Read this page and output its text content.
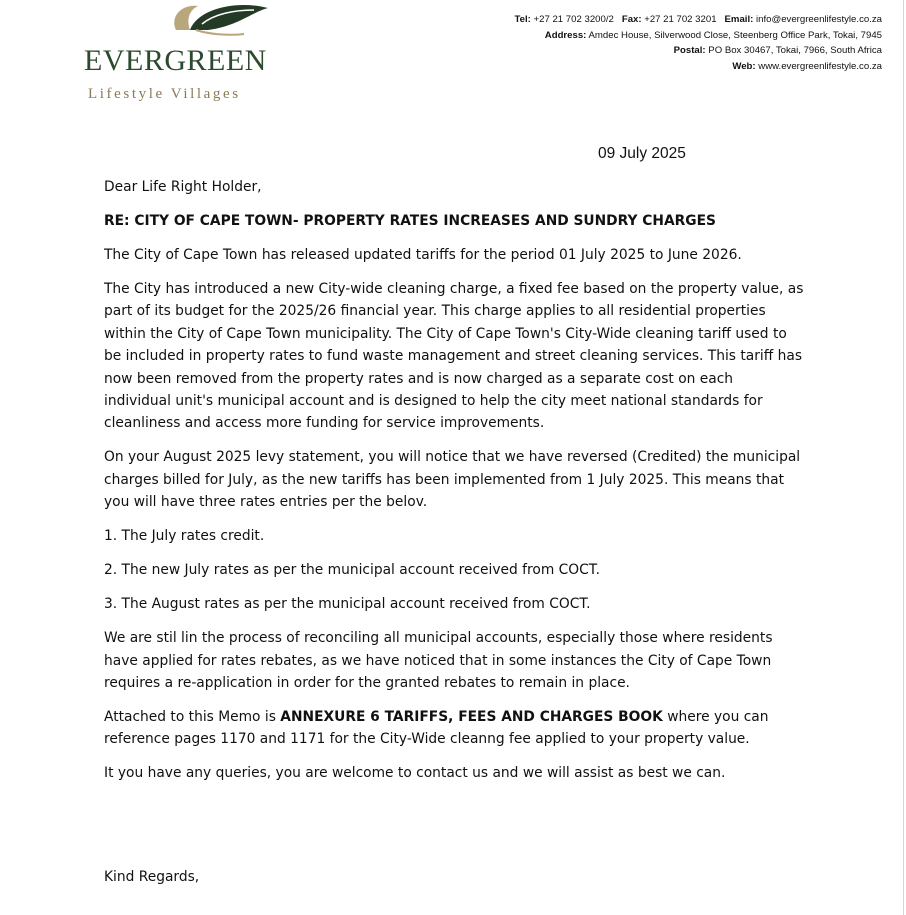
EVERGREEN
Lifestyle Villages
Tel: +27 21 702 3200/2 Fax: +27 21 702 3201 Email: info@evergreenlifestyle.co.za
Address: Amdec House, Silverwood Close, Steenberg Office Park, Tokai, 7945
Postal: PO Box 30467, Tokai, 7966, South Africa
Web: www.evergreenlifestyle.co.za
09 July 2025

Dear Life Right Holder,

RE: CITY OF CAPE TOWN- PROPERTY RATES INCREASES AND SUNDRY CHARGES

The City of Cape Town has released updated tariffs for the period 01 July 2025 to June 2026.

The City has introduced a new City-wide cleaning charge, a fixed fee based on the property value, as part of its budget for the 2025/26 financial year. This charge applies to all residential properties within the City of Cape Town municipality. The City of Cape Town's City-Wide cleaning tariff used to be included in property rates to fund waste management and street cleaning services. This tariff has now been removed from the property rates and is now charged as a separate cost on each individual unit's municipal account and is designed to help the city meet national standards for cleanliness and access more funding for service improvements.

On your August 2025 levy statement, you will notice that we have reversed (Credited) the municipal charges billed for July, as the new tariffs has been implemented from 1 July 2025. This means that you will have three rates entries per the belov.

1. The July rates credit.

2. The new July rates as per the municipal account received from COCT.

3. The August rates as per the municipal account received from COCT.

We are stil lin the process of reconciling all municipal accounts, especially those where residents have applied for rates rebates, as we have noticed that in some instances the City of Cape Town requires a re-application in order for the granted rebates to remain in place.

Attached to this Memo is ANNEXURE 6 TARIFFS, FEES AND CHARGES BOOK where you can reference pages 1170 and 1171 for the City-Wide cleanng fee applied to your property value.

It you have any queries, you are welcome to contact us and we will assist as best we can.

Kind Regards,
